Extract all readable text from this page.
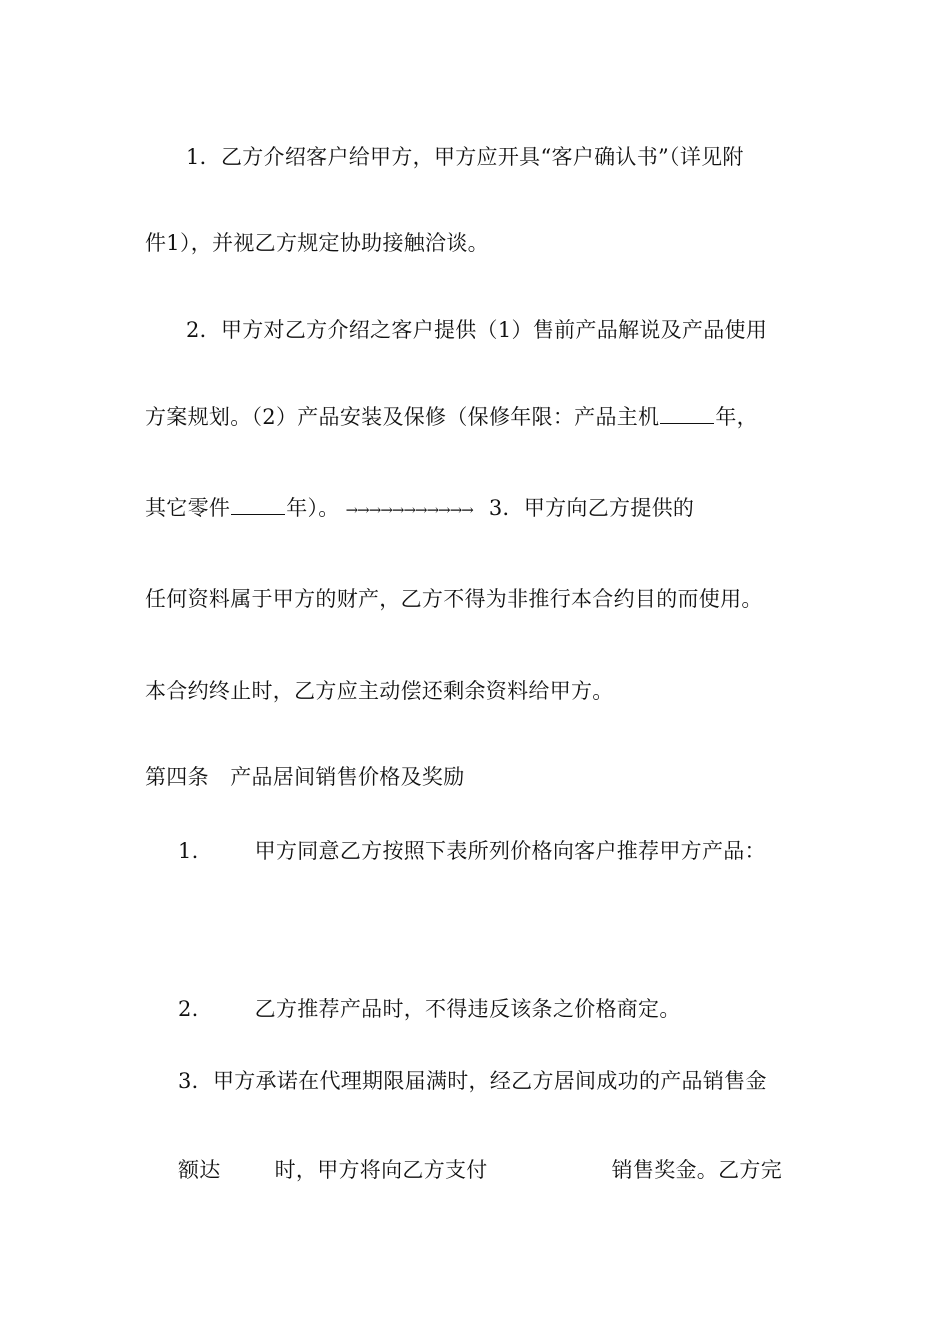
1．乙方介绍客户给甲方，甲方应开具“客户确认书”（详见附
件1），并视乙方规定协助接触洽谈。
2．甲方对乙方介绍之客户提供（1）售前产品解说及产品使用
方案规划。（2）产品安装及保修（保修年限：产品主机	年，
其它零件	年）。 →→→→→→→→→→→ 3．甲方向乙方提供的
任何资料属于甲方的财产，乙方不得为非推行本合约目的而使用。
本合约终止时，乙方应主动偿还剩余资料给甲方。
第四条　产品居间销售价格及奖励
1.	甲方同意乙方按照下表所列价格向客户推荐甲方产品：
2.	乙方推荐产品时，不得违反该条之价格商定。
3．甲方承诺在代理期限届满时，经乙方居间成功的产品销售金
额达	时，甲方将向乙方支付	销售奖金。乙方完
